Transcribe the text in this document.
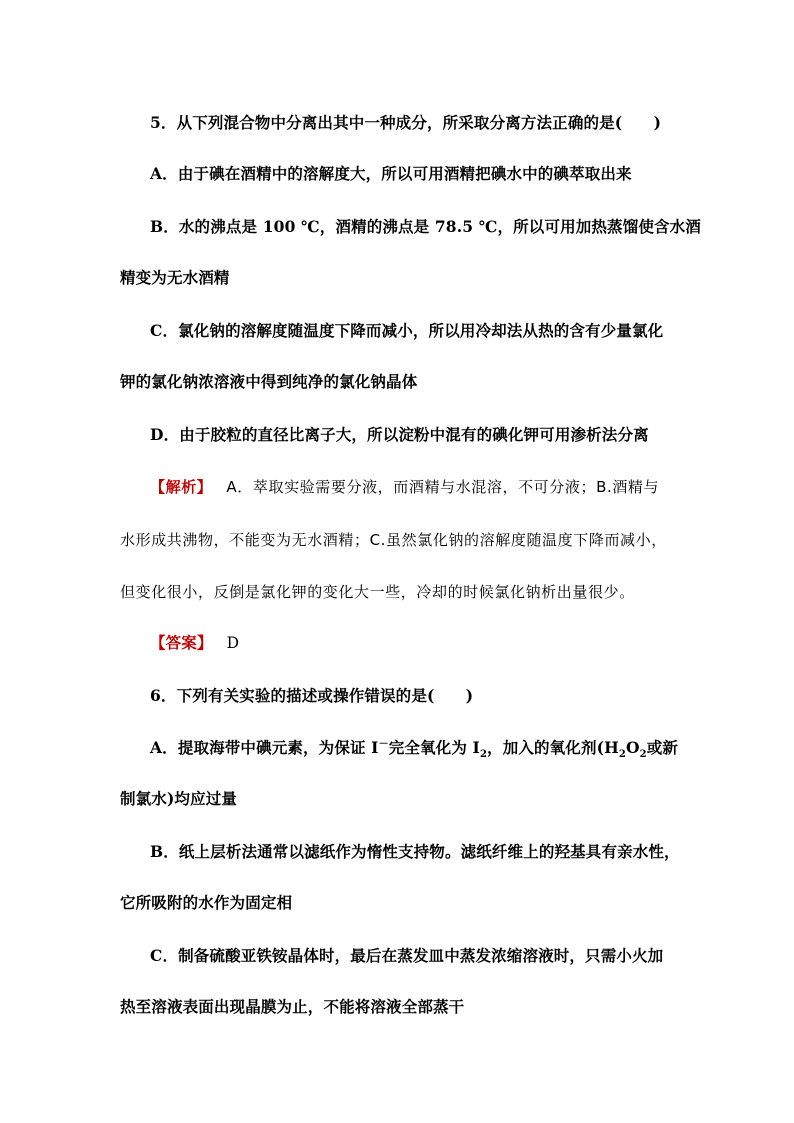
5．从下列混合物中分离出其中一种成分，所采取分离方法正确的是(　　)
A．由于碘在酒精中的溶解度大，所以可用酒精把碘水中的碘萃取出来
B．水的沸点是 100 ℃，酒精的沸点是 78.5 ℃，所以可用加热蒸馏使含水酒
精变为无水酒精
C．氯化钠的溶解度随温度下降而减小，所以用冷却法从热的含有少量氯化
钾的氯化钠浓溶液中得到纯净的氯化钠晶体
D．由于胶粒的直径比离子大，所以淀粉中混有的碘化钾可用渗析法分离
【解析】 A．萃取实验需要分液，而酒精与水混溶，不可分液；B.酒精与
水形成共沸物，不能变为无水酒精；C.虽然氯化钠的溶解度随温度下降而减小，
但变化很小，反倒是氯化钾的变化大一些，冷却的时候氯化钠析出量很少。
【答案】 D
6．下列有关实验的描述或操作错误的是(　　)
A．提取海带中碘元素，为保证 I－完全氧化为 $I_2$，加入的氧化剂($H_2O_2$或新
制氯水)均应过量
B．纸上层析法通常以滤纸作为惰性支持物。滤纸纤维上的羟基具有亲水性，
它所吸附的水作为固定相
C．制备硫酸亚铁铵晶体时，最后在蒸发皿中蒸发浓缩溶液时，只需小火加
热至溶液表面出现晶膜为止，不能将溶液全部蒸干
